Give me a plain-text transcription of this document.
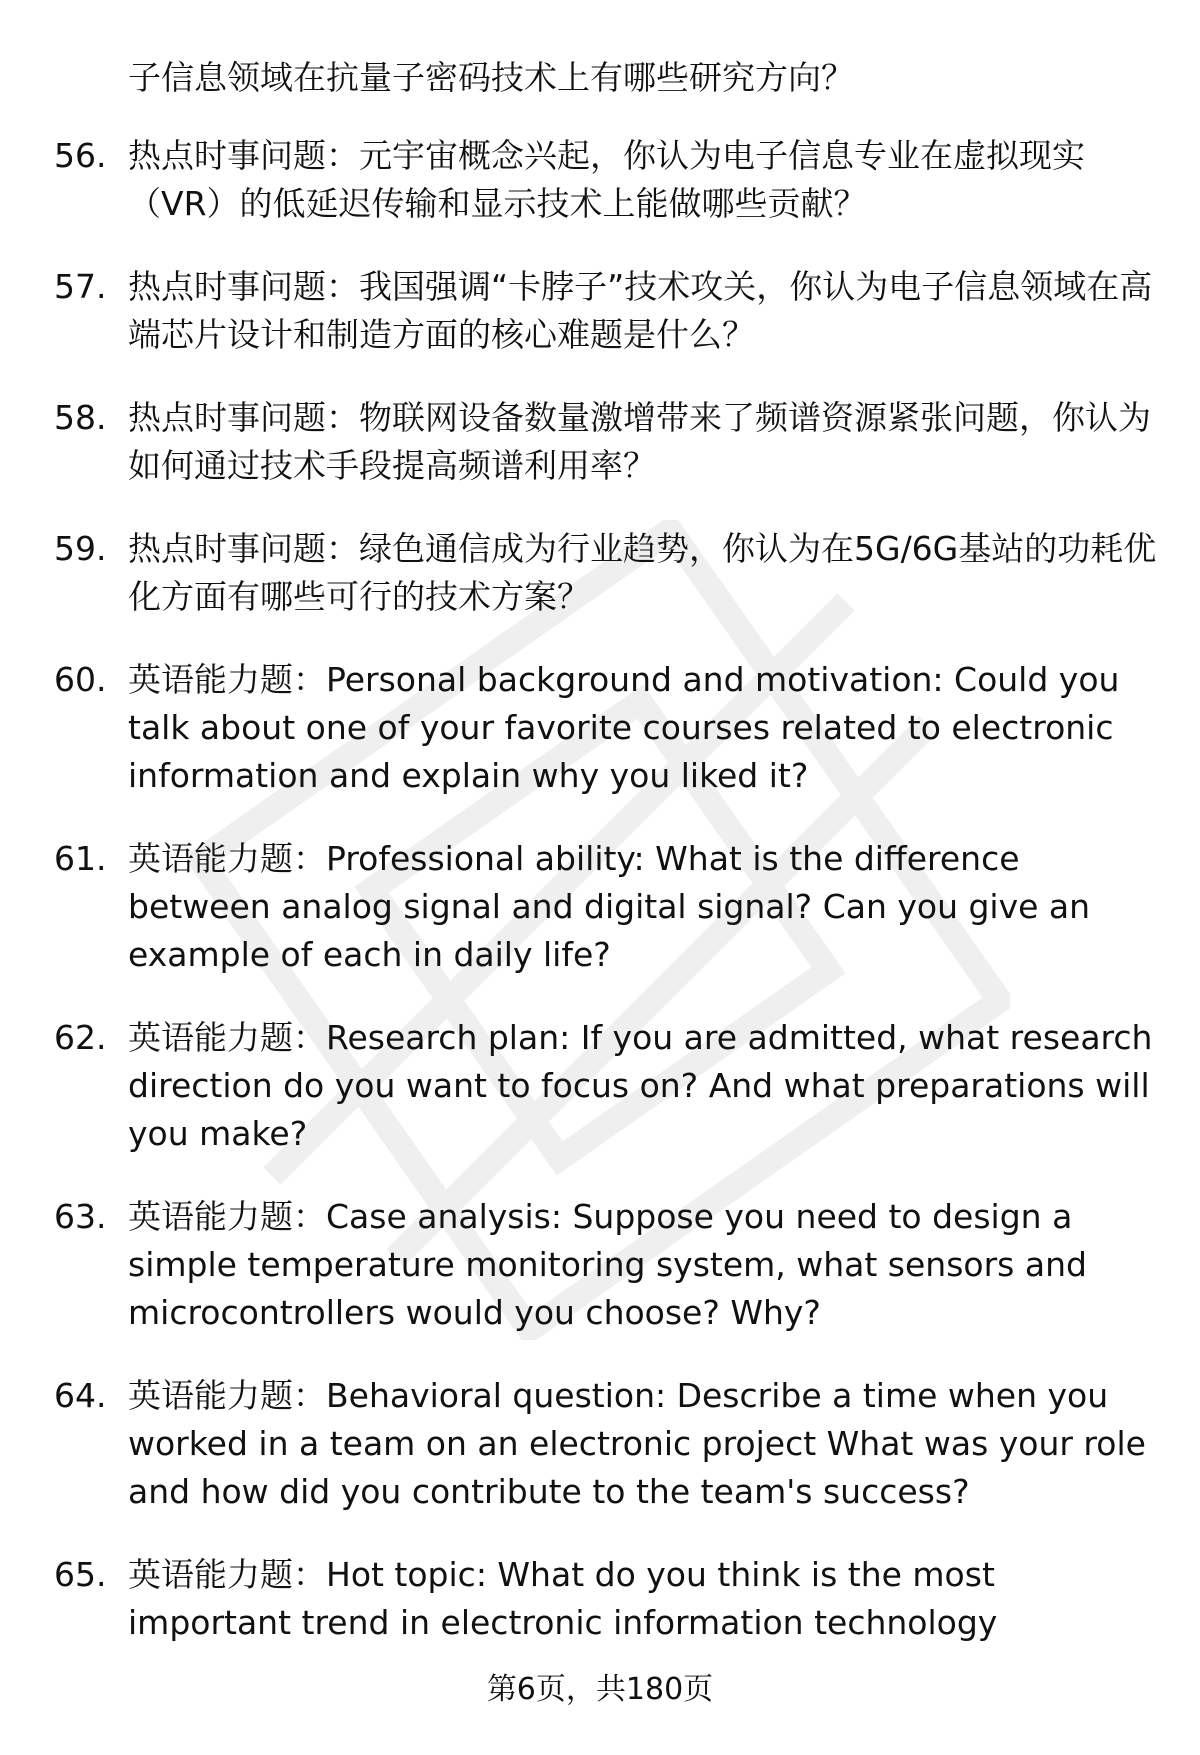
子信息领域在抗量子密码技术上有哪些研究方向？
56. 热点时事问题：元宇宙概念兴起，你认为电子信息专业在虚拟现实（VR）的低延迟传输和显示技术上能做哪些贡献？
57. 热点时事问题：我国强调“卡脖子”技术攻关，你认为电子信息领域在高端芯片设计和制造方面的核心难题是什么？
58. 热点时事问题：物联网设备数量激增带来了频谱资源紧张问题，你认为如何通过技术手段提高频谱利用率？
59. 热点时事问题：绿色通信成为行业趋势，你认为在5G/6G基站的功耗优化方面有哪些可行的技术方案？
60. 英语能力题：Personal background and motivation: Could you talk about one of your favorite courses related to electronic information and explain why you liked it?
61. 英语能力题：Professional ability: What is the difference between analog signal and digital signal? Can you give an example of each in daily life?
62. 英语能力题：Research plan: If you are admitted, what research direction do you want to focus on? And what preparations will you make?
63. 英语能力题：Case analysis: Suppose you need to design a simple temperature monitoring system, what sensors and microcontrollers would you choose? Why?
64. 英语能力题：Behavioral question: Describe a time when you worked in a team on an electronic project What was your role and how did you contribute to the team's success?
65. 英语能力题：Hot topic: What do you think is the most important trend in electronic information technology
第6页，共180页
